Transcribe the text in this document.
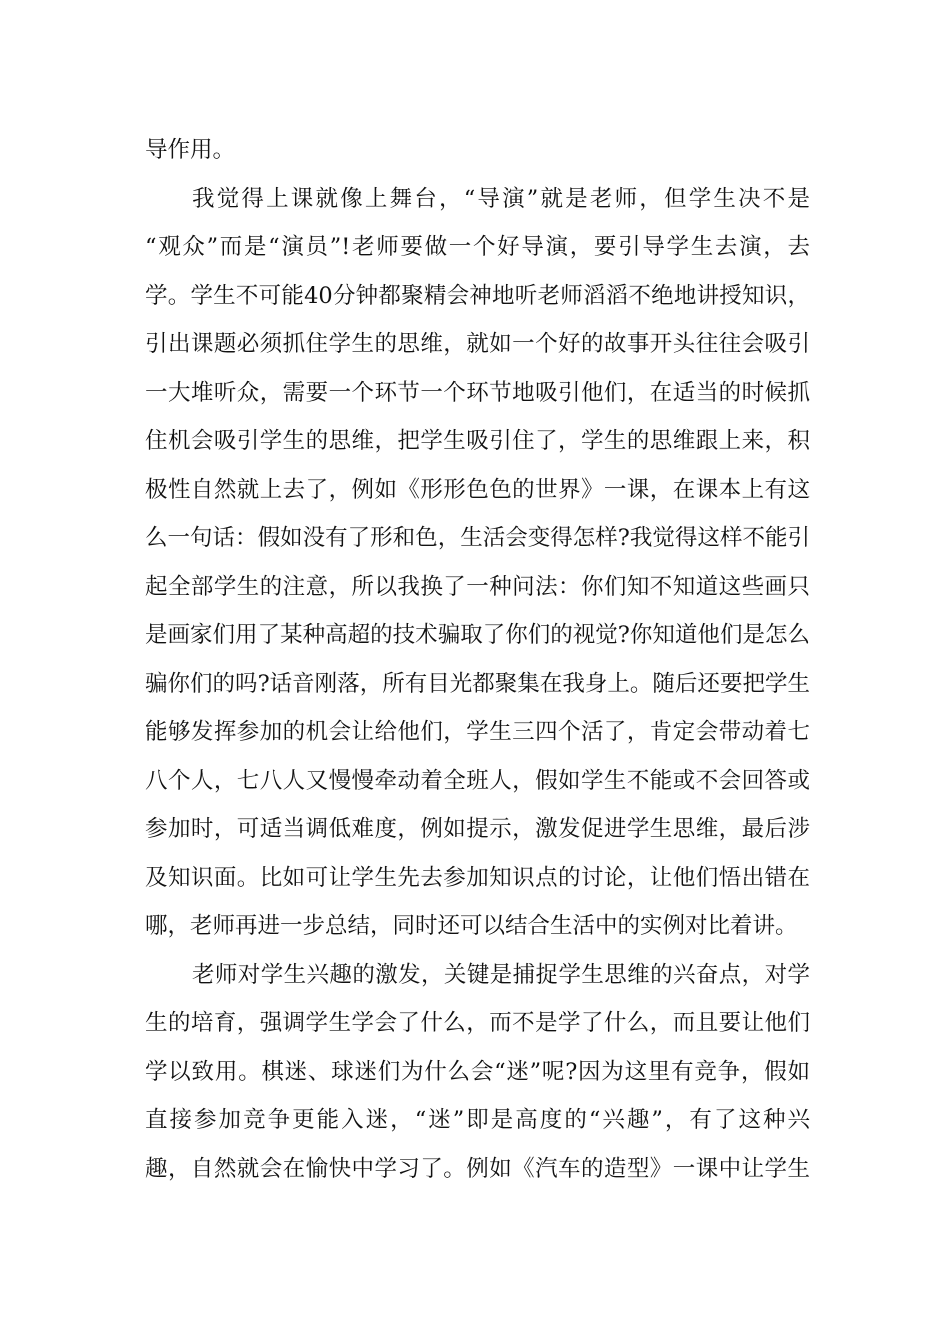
导作用。
我觉得上课就像上舞台，“导演”就是老师，但学生决不是
“观众”而是“演员”!老师要做一个好导演，要引导学生去演，去
学。学生不可能40分钟都聚精会神地听老师滔滔不绝地讲授知识，
引出课题必须抓住学生的思维，就如一个好的故事开头往往会吸引
一大堆听众，需要一个环节一个环节地吸引他们，在适当的时候抓
住机会吸引学生的思维，把学生吸引住了，学生的思维跟上来，积
极性自然就上去了，例如《形形色色的世界》一课，在课本上有这
么一句话：假如没有了形和色，生活会变得怎样?我觉得这样不能引
起全部学生的注意，所以我换了一种问法：你们知不知道这些画只
是画家们用了某种高超的技术骗取了你们的视觉?你知道他们是怎么
骗你们的吗?话音刚落，所有目光都聚集在我身上。随后还要把学生
能够发挥参加的机会让给他们，学生三四个活了，肯定会带动着七
八个人，七八人又慢慢牵动着全班人，假如学生不能或不会回答或
参加时，可适当调低难度，例如提示，激发促进学生思维，最后涉
及知识面。比如可让学生先去参加知识点的讨论，让他们悟出错在
哪，老师再进一步总结，同时还可以结合生活中的实例对比着讲。
老师对学生兴趣的激发，关键是捕捉学生思维的兴奋点，对学
生的培育，强调学生学会了什么，而不是学了什么，而且要让他们
学以致用。棋迷、球迷们为什么会“迷”呢?因为这里有竞争，假如
直接参加竞争更能入迷，“迷”即是高度的“兴趣”，有了这种兴
趣，自然就会在愉快中学习了。例如《汽车的造型》一课中让学生
